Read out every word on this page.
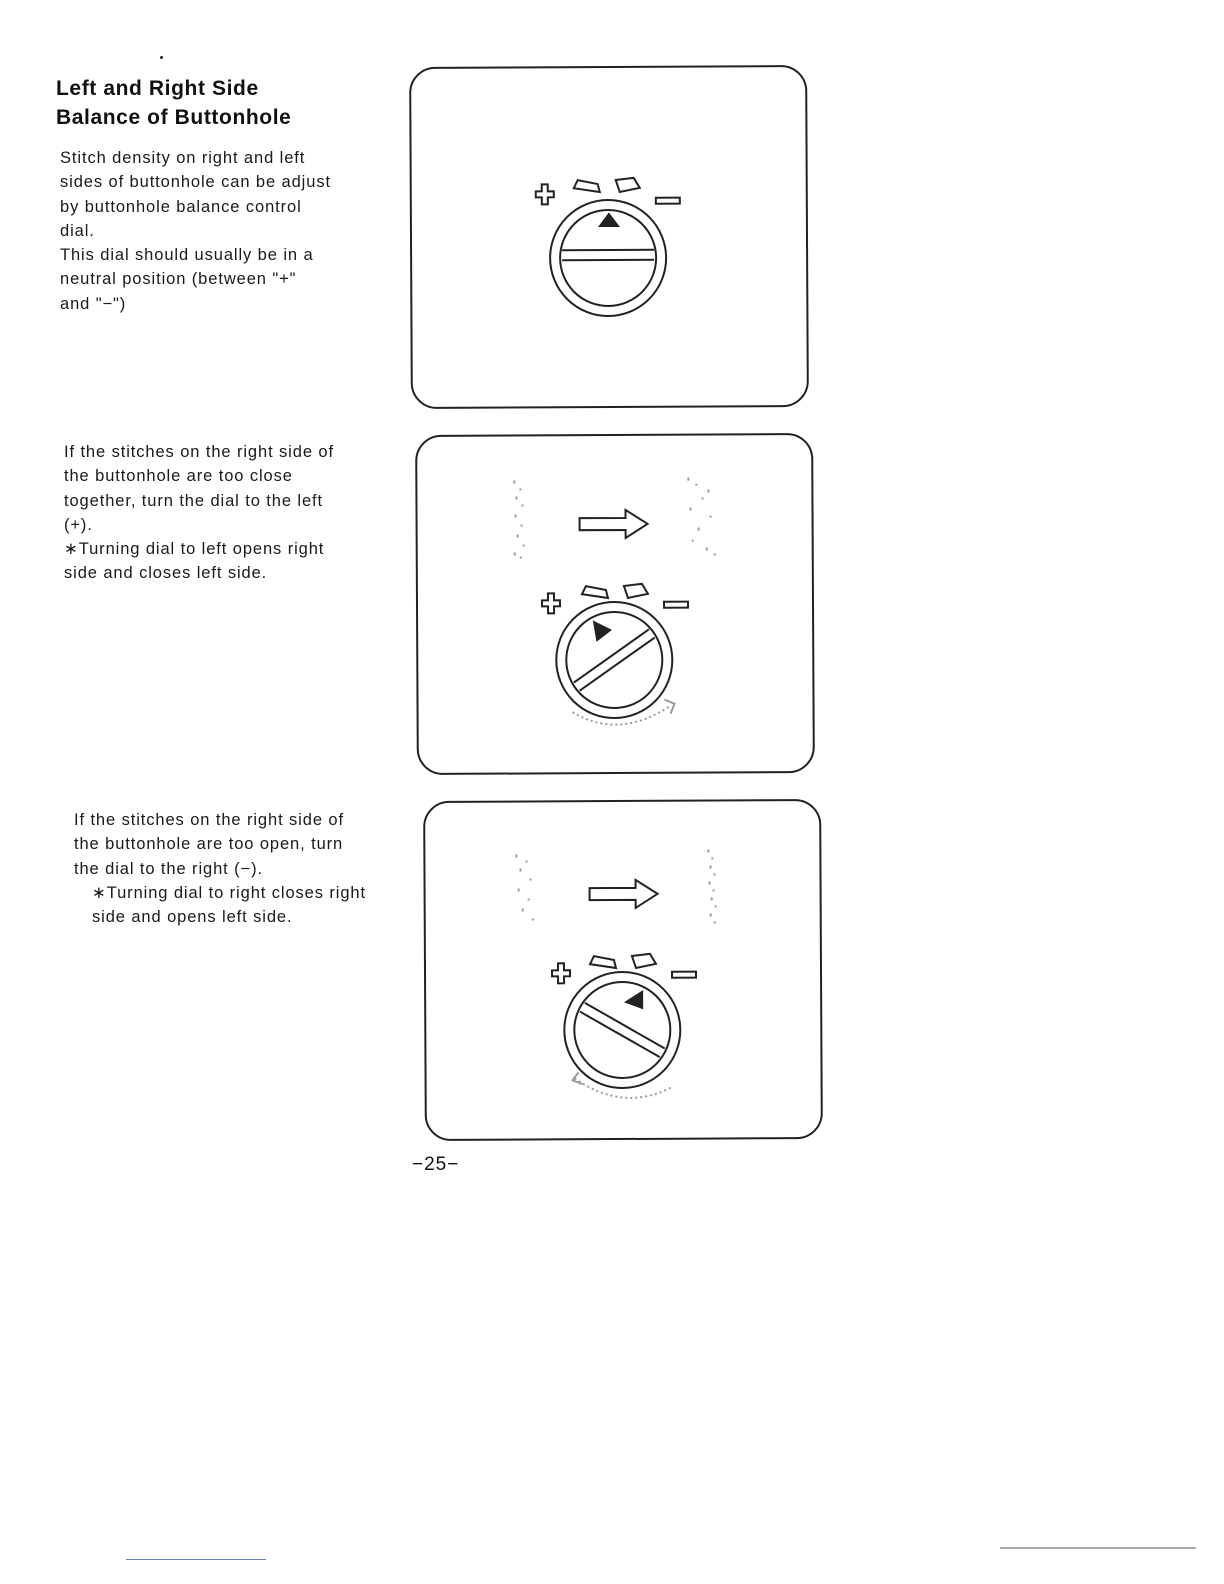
Left and Right Side
Balance of Buttonhole

Stitch density on right and left
sides of buttonhole can be adjust
by buttonhole balance control
dial.
This dial should usually be in a
neutral position (between "+"
and "−")

If the stitches on the right side of
the buttonhole are too close
together, turn the dial to the left
(+).
∗Turning dial to left opens right
side and closes left side.

If the stitches on the right side of
the buttonhole are too open, turn
the dial to the right (−).
∗Turning dial to right closes right
side and opens left side.

−25−
